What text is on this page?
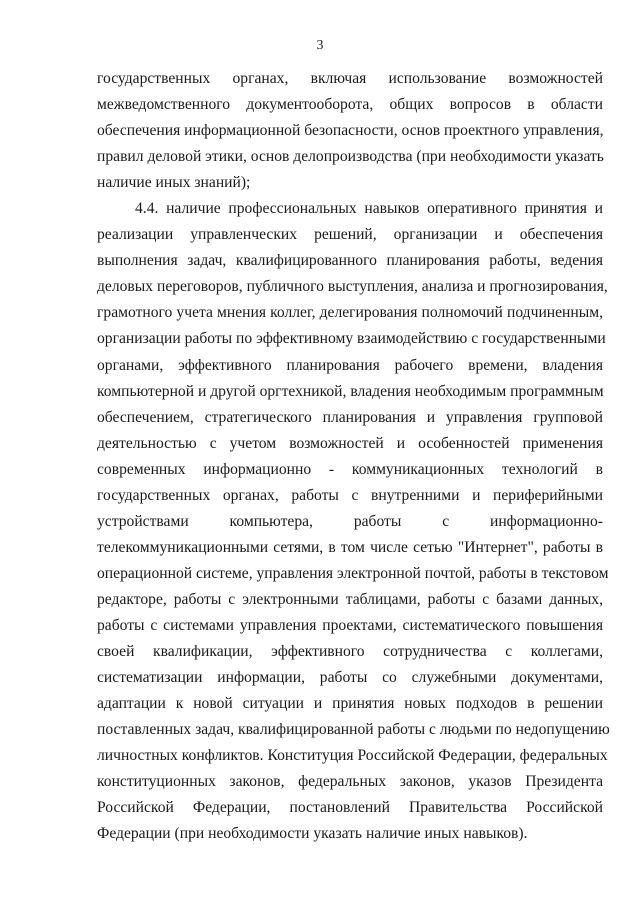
3
государственных органах, включая использование возможностей
межведомственного документооборота, общих вопросов в области
обеспечения информационной безопасности, основ проектного управления,
правил деловой этики, основ делопроизводства (при необходимости указать
наличие иных знаний);
4.4. наличие профессиональных навыков оперативного принятия и
реализации управленческих решений, организации и обеспечения
выполнения задач, квалифицированного планирования работы, ведения
деловых переговоров, публичного выступления, анализа и прогнозирования,
грамотного учета мнения коллег, делегирования полномочий подчиненным,
организации работы по эффективному взаимодействию с государственными
органами, эффективного планирования рабочего времени, владения
компьютерной и другой оргтехникой, владения необходимым программным
обеспечением, стратегического планирования и управления групповой
деятельностью с учетом возможностей и особенностей применения
современных информационно - коммуникационных технологий в
государственных органах, работы с внутренними и периферийными
устройствами компьютера, работы с информационно-
телекоммуникационными сетями, в том числе сетью "Интернет", работы в
операционной системе, управления электронной почтой, работы в текстовом
редакторе, работы с электронными таблицами, работы с базами данных,
работы с системами управления проектами, систематического повышения
своей квалификации, эффективного сотрудничества с коллегами,
систематизации информации, работы со служебными документами,
адаптации к новой ситуации и принятия новых подходов в решении
поставленных задач, квалифицированной работы с людьми по недопущению
личностных конфликтов. Конституция Российской Федерации, федеральных
конституционных законов, федеральных законов, указов Президента
Российской Федерации, постановлений Правительства Российской
Федерации (при необходимости указать наличие иных навыков).
